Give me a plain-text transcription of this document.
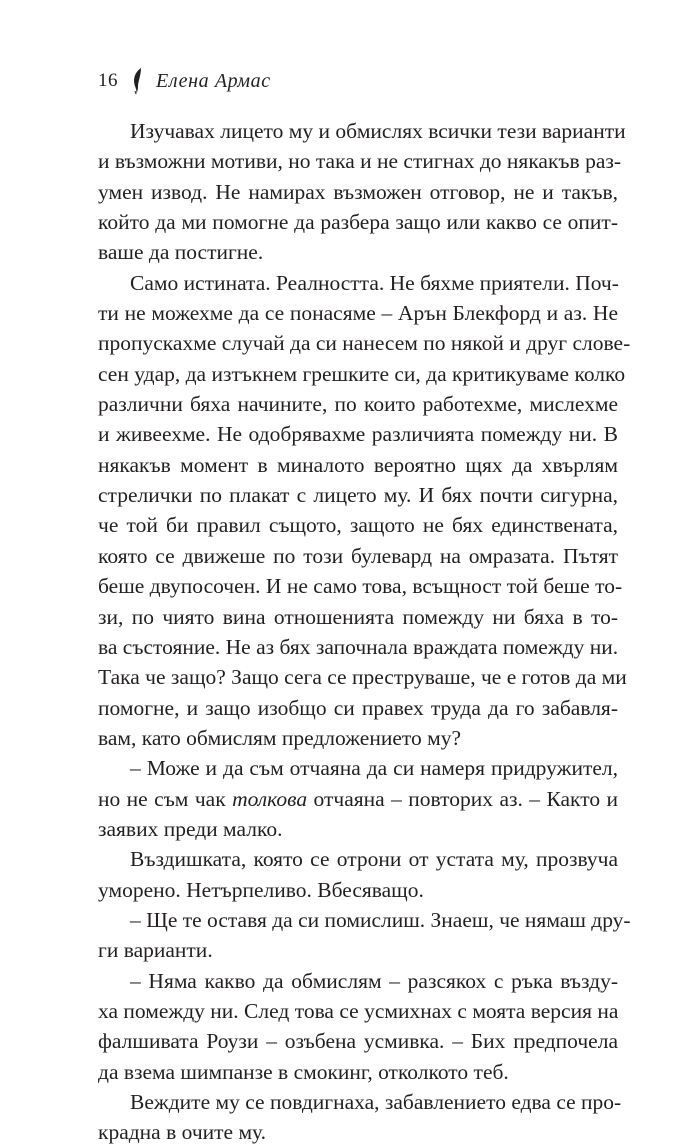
16 Елена Армас
Изучавах лицето му и обмислях всички тези варианти
и възможни мотиви, но така и не стигнах до някакъв раз-
умен извод. Не намирах възможен отговор, не и такъв,
който да ми помогне да разбера защо или какво се опит-
ваше да постигне.
Само истината. Реалността. Не бяхме приятели. Поч-
ти не можехме да се понасяме – Арън Блекфорд и аз. Не
пропускахме случай да си нанесем по някой и друг слове-
сен удар, да изтъкнем грешките си, да критикуваме колко
различни бяха начините, по които работехме, мислехме
и живеехме. Не одобрявахме различията помежду ни. В
някакъв момент в миналото вероятно щях да хвърлям
стрелички по плакат с лицето му. И бях почти сигурна,
че той би правил същото, защото не бях единствената,
която се движеше по този булевард на омразата. Пътят
беше двупосочен. И не само това, всъщност той беше то-
зи, по чиято вина отношенията помежду ни бяха в то-
ва състояние. Не аз бях започнала враждата помежду ни.
Така че защо? Защо сега се преструваше, че е готов да ми
помогне, и защо изобщо си правех труда да го забавля-
вам, като обмислям предложението му?
– Може и да съм отчаяна да си намеря придружител,
но не съм чак толкова отчаяна – повторих аз. – Както и
заявих преди малко.
Въздишката, която се отрони от устата му, прозвуча
уморено. Нетърпеливо. Вбесяващо.
– Ще те оставя да си помислиш. Знаеш, че нямаш дру-
ги варианти.
– Няма какво да обмислям – разсякох с ръка възду-
ха помежду ни. След това се усмихнах с моята версия на
фалшивата Роузи – озъбена усмивка. – Бих предпочела
да взема шимпанзе в смокинг, отколкото теб.
Веждите му се повдигнаха, забавлението едва се про-
крадна в очите му.
